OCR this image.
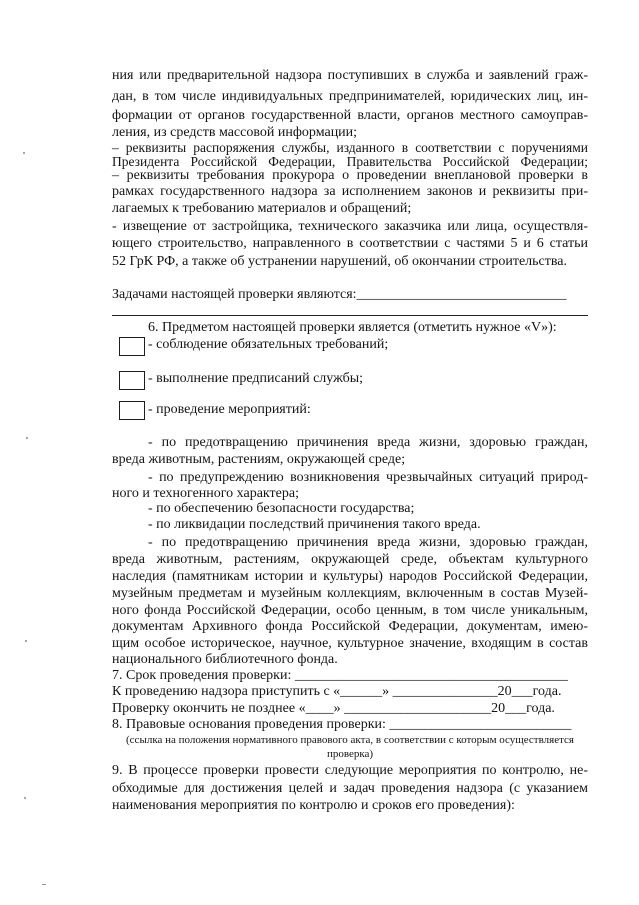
ния или предварительной надзора поступивших в служба и заявлений граж-
дан, в том числе индивидуальных предпринимателей, юридических лиц, ин-
формации от органов государственной власти, органов местного самоуправ-
ления, из средств массовой информации;
– реквизиты распоряжения службы, изданного в соответствии с поручениями
Президента Российской Федерации, Правительства Российской Федерации;
– реквизиты требования прокурора о проведении внеплановой проверки в
рамках государственного надзора за исполнением законов и реквизиты при-
лагаемых к требованию материалов и обращений;
- извещение от застройщика, технического заказчика или лица, осуществля-
ющего строительство, направленного в соответствии с частями 5 и 6 статьи
52 ГрК РФ, а также об устранении нарушений, об окончании строительства.
Задачами настоящей проверки являются:______________________________
6. Предметом настоящей проверки является (отметить нужное «V»):
- соблюдение обязательных требований;
- выполнение предписаний службы;
- проведение мероприятий:
- по предотвращению причинения вреда жизни, здоровью граждан,
вреда животным, растениям, окружающей среде;
- по предупреждению возникновения чрезвычайных ситуаций природ-
ного и техногенного характера;
- по обеспечению безопасности государства;
- по ликвидации последствий причинения такого вреда.
- по предотвращению причинения вреда жизни, здоровью граждан,
вреда животным, растениям, окружающей среде, объектам культурного
наследия (памятникам истории и культуры) народов Российской Федерации,
музейным предметам и музейным коллекциям, включенным в состав Музей-
ного фонда Российской Федерации, особо ценным, в том числе уникальным,
документам Архивного фонда Российской Федерации, документам, имею-
щим особое историческое, научное, культурное значение, входящим в состав
национального библиотечного фонда.
7. Срок проведения проверки: _______________________________________
К проведению надзора приступить с «______» _______________20___года.
Проверку окончить не позднее «____» _____________________20___года.
8. Правовые основания проведения проверки: __________________________
(ссылка на положения нормативного правового акта, в соответствии с которым осуществляется
проверка)
9. В процессе проверки провести следующие мероприятия по контролю, не-
обходимые для достижения целей и задач проведения надзора (с указанием
наименования мероприятия по контролю и сроков его проведения):
